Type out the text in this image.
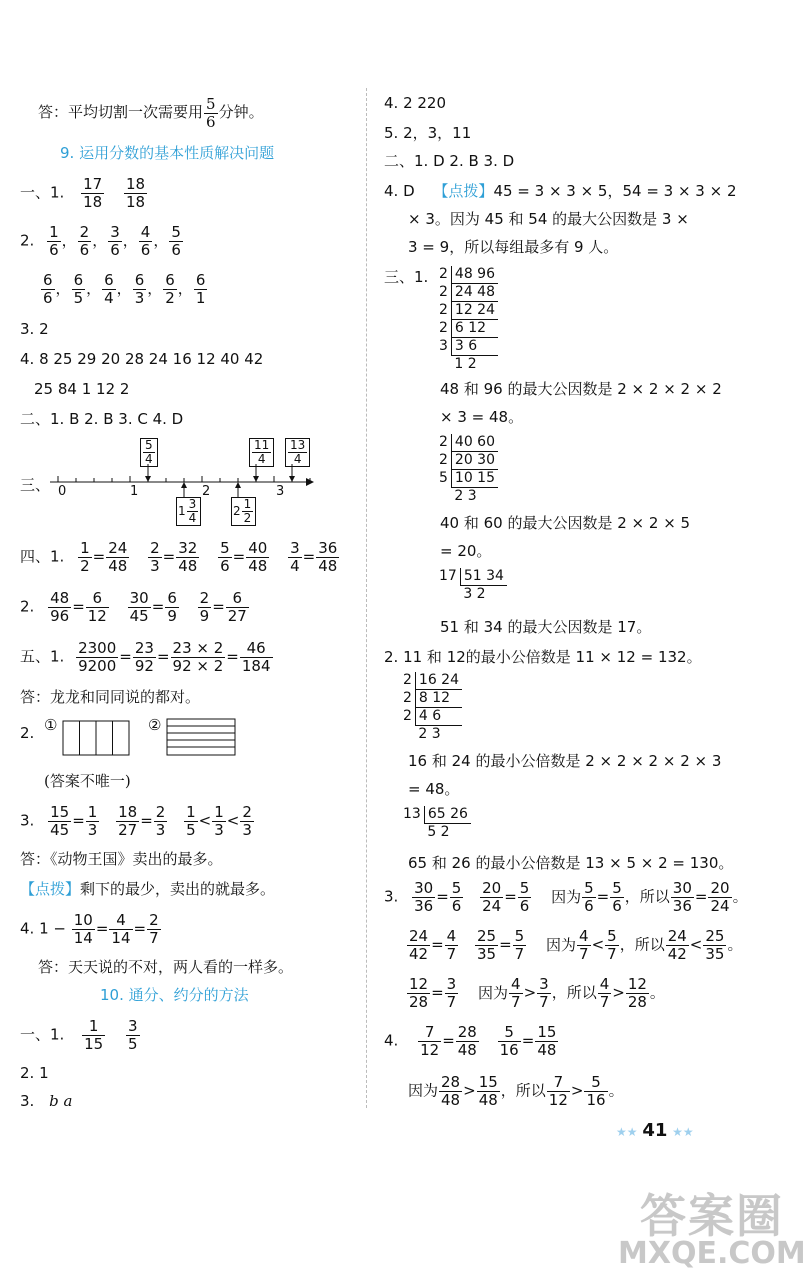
答：平均切割一次需要用 $\frac{5}{6}$ 分钟。
9. 运用分数的基本性质解决问题
一、1. $\frac{17}{18}$
$\frac{18}{18}$
2. $\frac{1}{6}$ ， $\frac{2}{6}$ ， $\frac{3}{6}$ ， $\frac{4}{6}$ ， $\frac{5}{6}$
$\frac{6}{6}$ ， $\frac{6}{5}$ ， $\frac{6}{4}$ ， $\frac{6}{3}$ ， $\frac{6}{2}$ ， $\frac{6}{1}$
3. 2
4. 8 25 29 20 28 24 16 12 40 42
25 84 1 12 2
二、1. B 2. B 3. C 4. D
三、 0	1	2	3
$\frac{5}{4}$	$\frac{11}{4} \frac{13}{4}$
$1 \frac{3}{4}$	$2 \frac{1}{2}$
四、1. $\frac{1}{2} = \frac{24}{48}$
$\frac{2}{3} = \frac{32}{48}$
$\frac{5}{6} = \frac{40}{48}$
$\frac{3}{4} = \frac{36}{48}$
2. $\frac{48}{96} = \frac{6}{12}$
$\frac{30}{45} = \frac{6}{9}$
$\frac{2}{9} = \frac{6}{27}$
五、1. $\frac{2300}{9200} = \frac{23}{92} = \frac{23 \times 2}{92 \times 2} = \frac{46}{184}$
答：龙龙和同同说的都对。
2. ①	②
(答案不唯一)
3. $\frac{15}{45} = \frac{1}{3}$
$\frac{18}{27} = \frac{2}{3}$
$\frac{1}{5} < \frac{1}{3} < \frac{2}{3}$
答：《动物王国》卖出的最多。
【点拨】剩下的最少，卖出的就最多。
4. $1 - \frac{10}{14} = \frac{4}{14} = \frac{2}{7}$
答：天天说的不对，两人看的一样多。
10. 通分、约分的方法
一、1. $\frac{1}{15}$
$\frac{3}{5}$
2. 1
3. b a
4. 2 220
5. 2，3，11
二、1. D 2. B 3. D
4. D 【点拨】45 = 3 × 3 × 5，54 = 3 × 3 × 2
× 3。因为 45 和 54 的最大公因数是 3 ×
3 = 9，所以每组最多有 9 人。
三、1. 2	48 96
2	24 48
2	12 24
2	6 12
3	3 6
	1 2
48 和 96 的最大公因数是 2 × 2 × 2 × 2
× 3 = 48。
2	40 60
2	20 30
5	10 15
	2 3
40 和 60 的最大公因数是 2 × 2 × 5
= 20。
17	51 34
	3 2
51 和 34 的最大公因数是 17。
2. 11 和 12的最小公倍数是 11 × 12 = 132。
2	16 24
2	8 12
2	4 6
	2 3
16 和 24 的最小公倍数是 2 × 2 × 2 × 2 × 3
= 48。
13	65 26
	5 2
65 和 26 的最小公倍数是 13 × 5 × 2 = 130。
3. $\frac{30}{36} = \frac{5}{6}$
$\frac{20}{24} = \frac{5}{6}$ 因为 $\frac{5}{6} = \frac{5}{6}$ ，所以 $\frac{30}{36} = \frac{20}{24}$ 。
$\frac{24}{42} = \frac{4}{7}$
$\frac{25}{35} = \frac{5}{7}$ 因为 $\frac{4}{7} < \frac{5}{7}$ ，所以 $\frac{24}{42} < \frac{25}{35}$ 。
$\frac{12}{28} = \frac{3}{7}$ 因为 $\frac{4}{7} > \frac{3}{7}$ ，所以 $\frac{4}{7} > \frac{12}{28}$ 。
4. $\frac{7}{12} = \frac{28}{48}$
$\frac{5}{16} = \frac{15}{48}$
因为 $\frac{28}{48} > \frac{15}{48}$ ，所以 $\frac{7}{12} > \frac{5}{16}$ 。
★★ 41 ★★
答案圈
MXQE.COM
